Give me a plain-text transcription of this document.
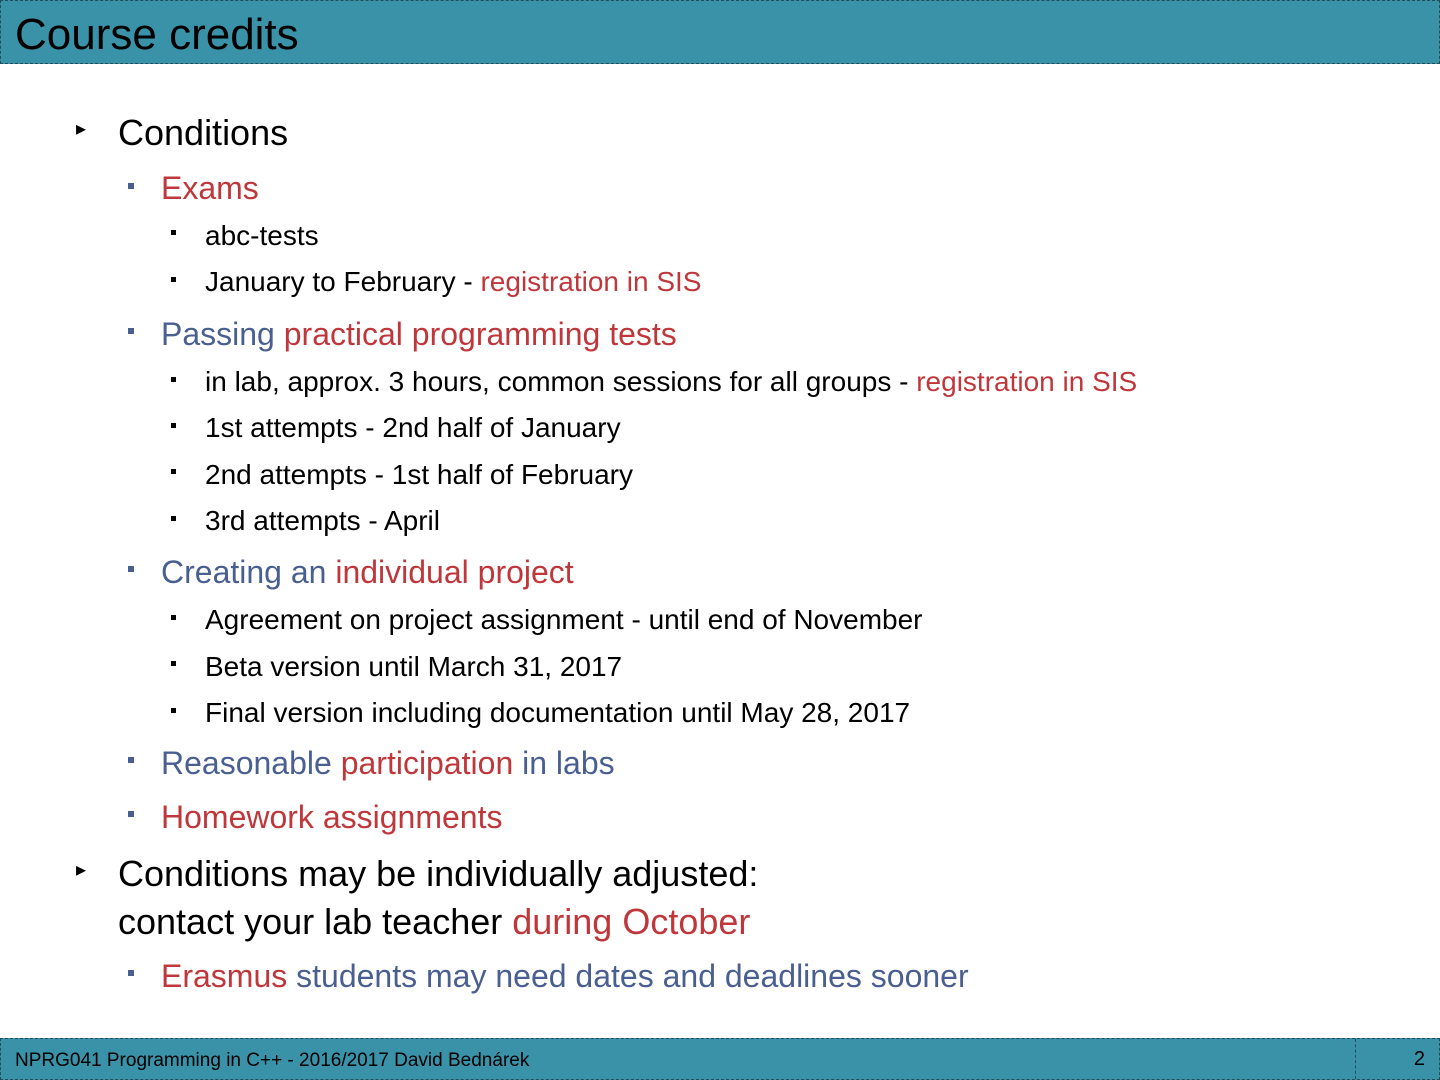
Course credits
▸ Conditions
Exams
abc-tests
January to February - registration in SIS
Passing practical programming tests
in lab, approx. 3 hours, common sessions for all groups - registration in SIS
1st attempts - 2nd half of January
2nd attempts - 1st half of February
3rd attempts - April
Creating an individual project
Agreement on project assignment - until end of November
Beta version until March 31, 2017
Final version including documentation until May 28, 2017
Reasonable participation in labs
Homework assignments
▸ Conditions may be individually adjusted:
contact your lab teacher during October
Erasmus students may need dates and deadlines sooner
NPRG041 Programming in C++ - 2016/2017 David Bednárek	2
